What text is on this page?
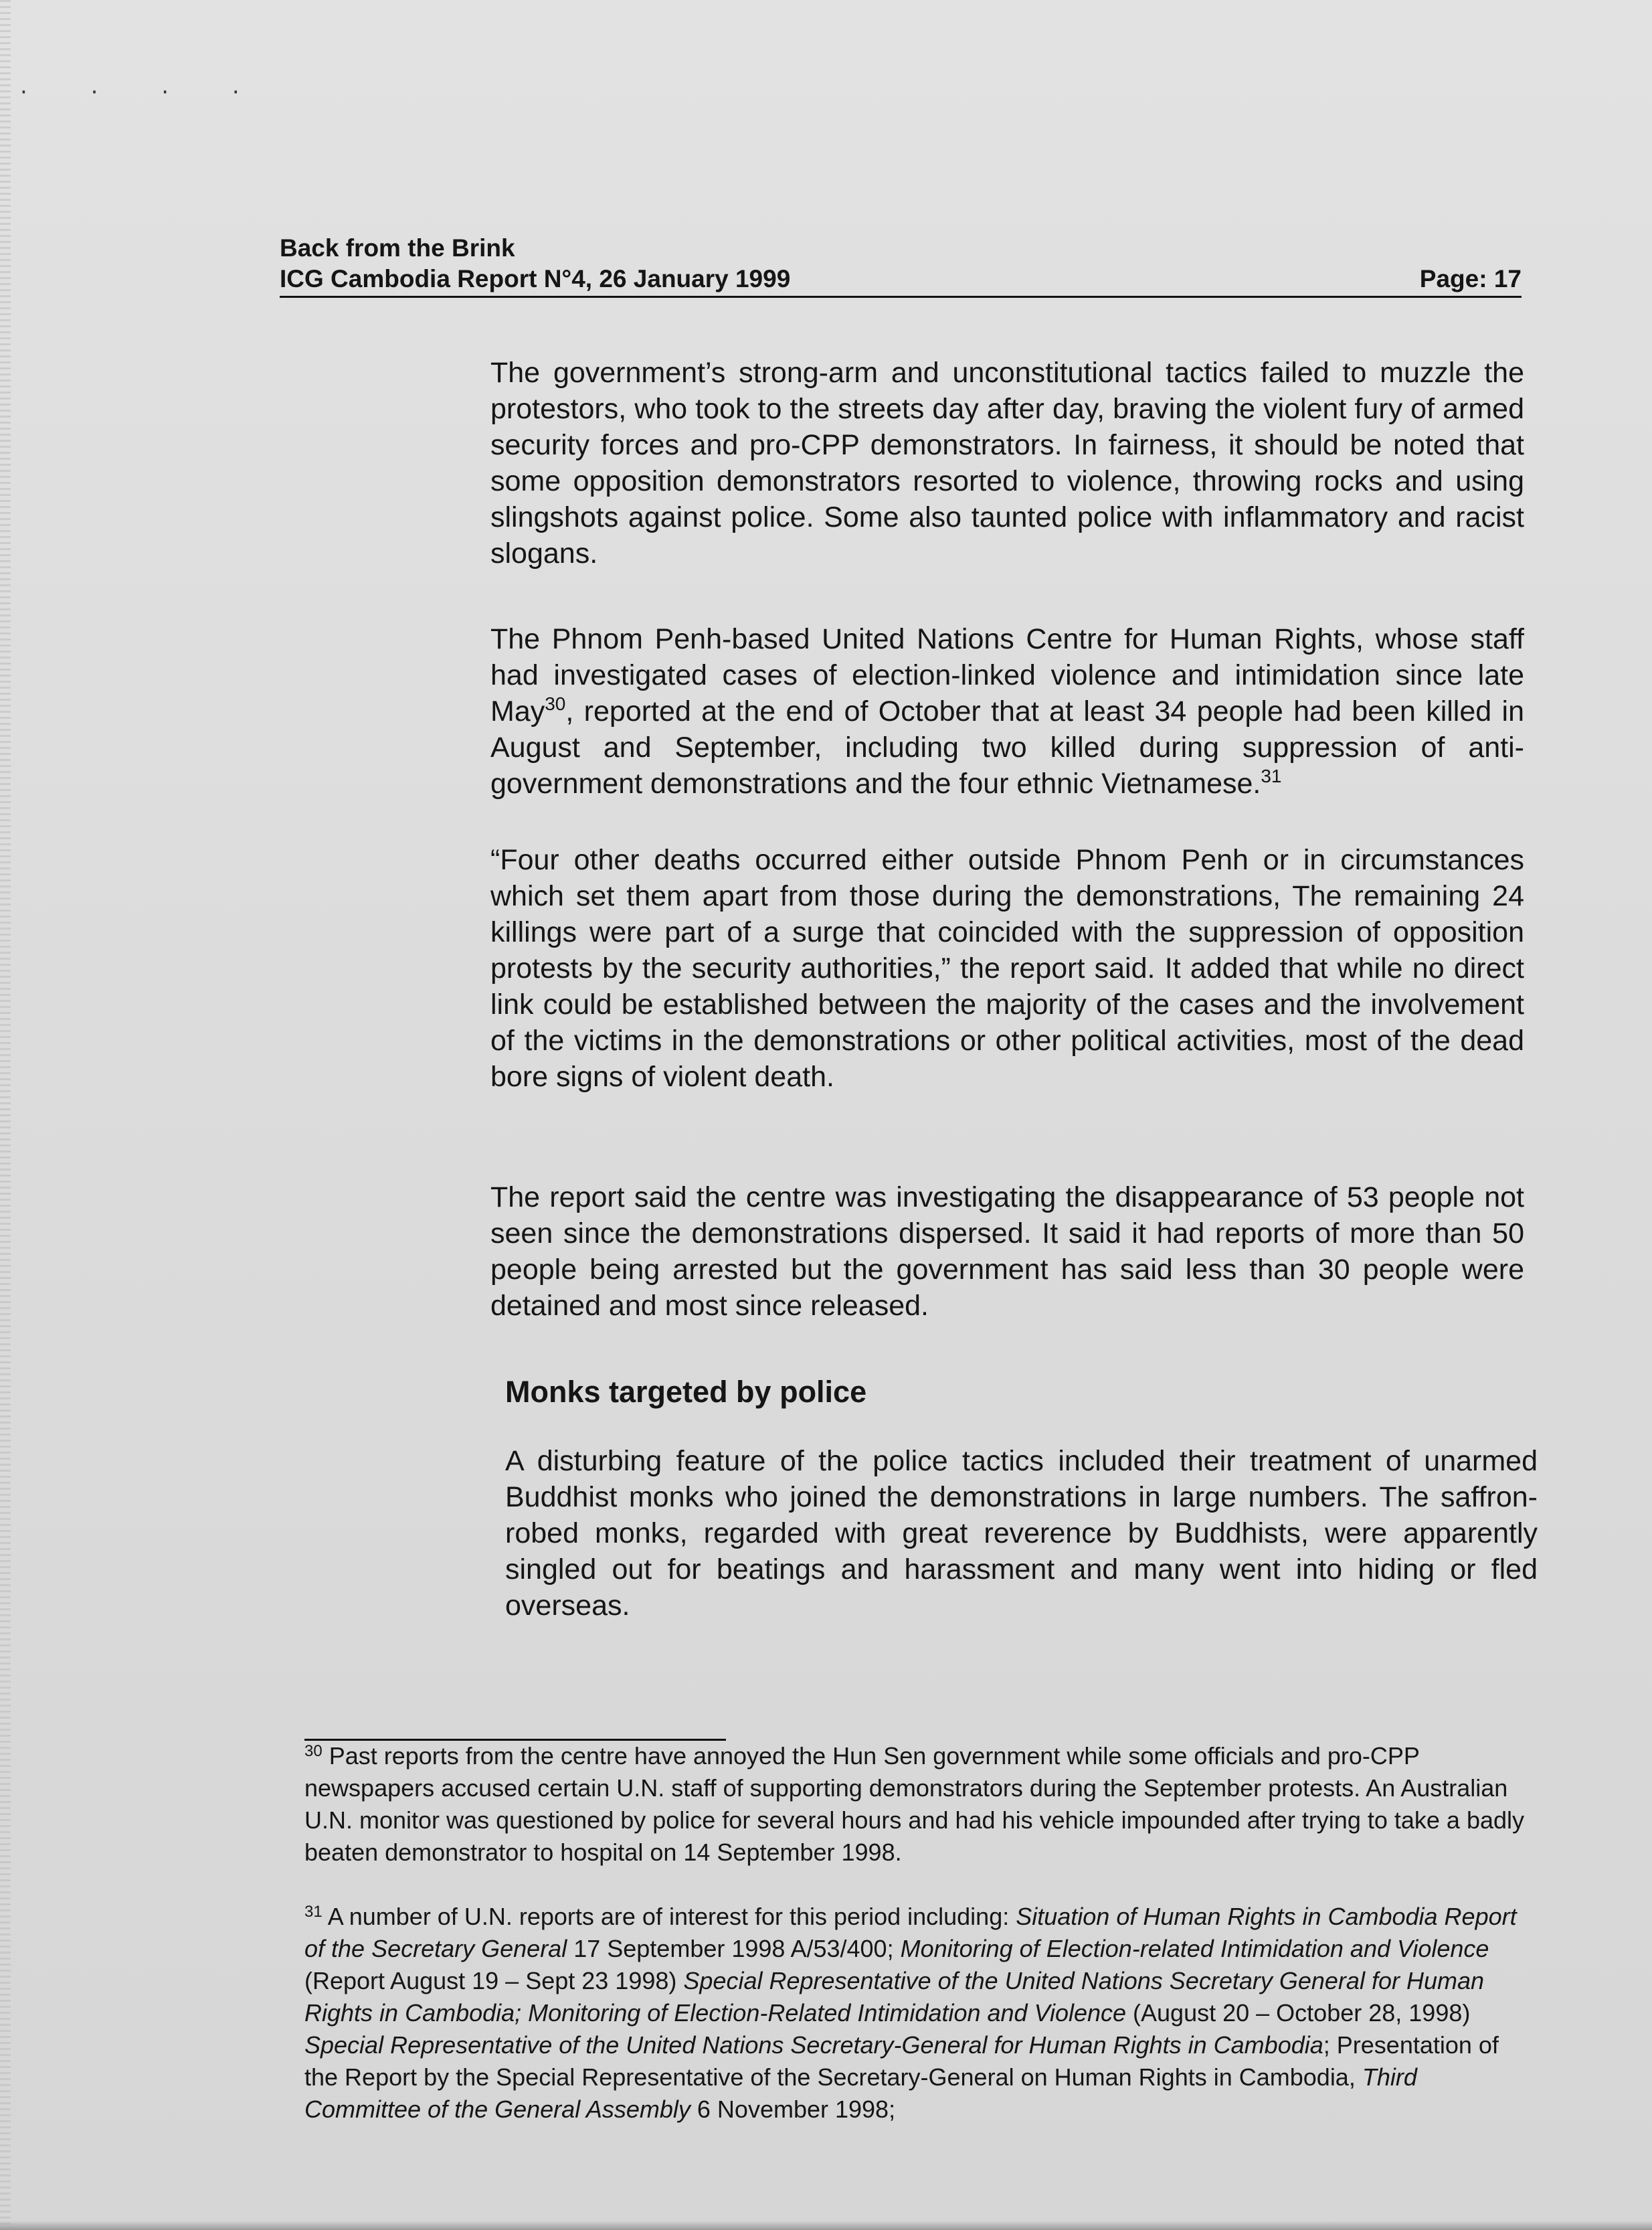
· · · ·
Back from the Brink
ICG Cambodia Report N°4, 26 January 1999	Page: 17

The government’s strong-arm and unconstitutional tactics failed to muzzle the protestors, who took to the streets day after day, braving the violent fury of armed security forces and pro-CPP demonstrators. In fairness, it should be noted that some opposition demonstrators resorted to violence, throwing rocks and using slingshots against police. Some also taunted police with inflammatory and racist slogans.

The Phnom Penh-based United Nations Centre for Human Rights, whose staff had investigated cases of election-linked violence and intimidation since late May$^{30}$, reported at the end of October that at least 34 people had been killed in August and September, including two killed during suppression of anti-government demonstrations and the four ethnic Vietnamese.$^{31}$

“Four other deaths occurred either outside Phnom Penh or in circumstances which set them apart from those during the demonstrations, The remaining 24 killings were part of a surge that coincided with the suppression of opposition protests by the security authorities,” the report said. It added that while no direct link could be established between the majority of the cases and the involvement of the victims in the demonstrations or other political activities, most of the dead bore signs of violent death.

The report said the centre was investigating the disappearance of 53 people not seen since the demonstrations dispersed. It said it had reports of more than 50 people being arrested but the government has said less than 30 people were detained and most since released.

Monks targeted by police

A disturbing feature of the police tactics included their treatment of unarmed Buddhist monks who joined the demonstrations in large numbers. The saffron-robed monks, regarded with great reverence by Buddhists, were apparently singled out for beatings and harassment and many went into hiding or fled overseas.

$^{30}$ Past reports from the centre have annoyed the Hun Sen government while some officials and pro-CPP newspapers accused certain U.N. staff of supporting demonstrators during the September protests. An Australian U.N. monitor was questioned by police for several hours and had his vehicle impounded after trying to take a badly beaten demonstrator to hospital on 14 September 1998.

$^{31}$ A number of U.N. reports are of interest for this period including: Situation of Human Rights in Cambodia Report of the Secretary General 17 September 1998 A/53/400; Monitoring of Election-related Intimidation and Violence (Report August 19 – Sept 23 1998) Special Representative of the United Nations Secretary General for Human Rights in Cambodia; Monitoring of Election-Related Intimidation and Violence (August 20 – October 28, 1998) Special Representative of the United Nations Secretary-General for Human Rights in Cambodia; Presentation of the Report by the Special Representative of the Secretary-General on Human Rights in Cambodia, Third Committee of the General Assembly 6 November 1998;
